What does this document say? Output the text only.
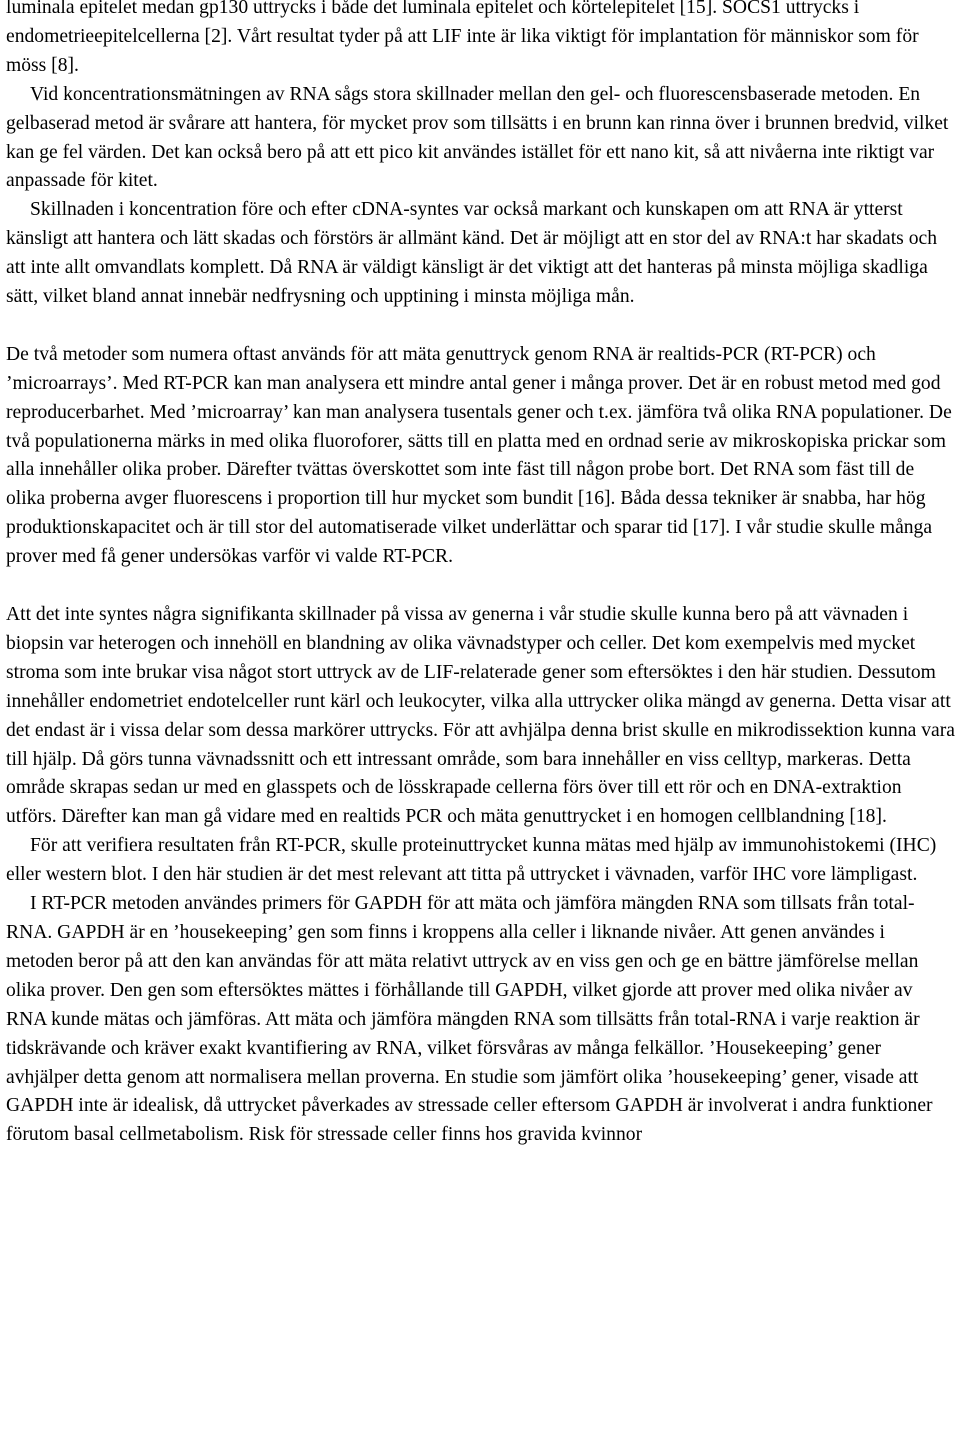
luminala epitelet medan gp130 uttrycks i både det luminala epitelet och körtelepitelet [15]. SOCS1 uttrycks i endometrieepitelcellerna [2]. Vårt resultat tyder på att LIF inte är lika viktigt för implantation för människor som för möss [8].

Vid koncentrationsmätningen av RNA sågs stora skillnader mellan den gel- och fluorescensbaserade metoden. En gelbaserad metod är svårare att hantera, för mycket prov som tillsätts i en brunn kan rinna över i brunnen bredvid, vilket kan ge fel värden. Det kan också bero på att ett pico kit användes istället för ett nano kit, så att nivåerna inte riktigt var anpassade för kitet.

Skillnaden i koncentration före och efter cDNA-syntes var också markant och kunskapen om att RNA är ytterst känsligt att hantera och lätt skadas och förstörs är allmänt känd. Det är möjligt att en stor del av RNA:t har skadats och att inte allt omvandlats komplett. Då RNA är väldigt känsligt är det viktigt att det hanteras på minsta möjliga skadliga sätt, vilket bland annat innebär nedfrysning och upptining i minsta möjliga mån.

De två metoder som numera oftast används för att mäta genuttryck genom RNA är realtids-PCR (RT-PCR) och ’microarrays’. Med RT-PCR kan man analysera ett mindre antal gener i många prover. Det är en robust metod med god reproducerbarhet. Med ’microarray’ kan man analysera tusentals gener och t.ex. jämföra två olika RNA populationer. De två populationerna märks in med olika fluoroforer, sätts till en platta med en ordnad serie av mikroskopiska prickar som alla innehåller olika prober. Därefter tvättas överskottet som inte fäst till någon probe bort. Det RNA som fäst till de olika proberna avger fluorescens i proportion till hur mycket som bundit [16]. Båda dessa tekniker är snabba, har hög produktionskapacitet och är till stor del automatiserade vilket underlättar och sparar tid [17]. I vår studie skulle många prover med få gener undersökas varför vi valde RT-PCR.

Att det inte syntes några signifikanta skillnader på vissa av generna i vår studie skulle kunna bero på att vävnaden i biopsin var heterogen och innehöll en blandning av olika vävnadstyper och celler. Det kom exempelvis med mycket stroma som inte brukar visa något stort uttryck av de LIF-relaterade gener som eftersöktes i den här studien. Dessutom innehåller endometriet endotelceller runt kärl och leukocyter, vilka alla uttrycker olika mängd av generna. Detta visar att det endast är i vissa delar som dessa markörer uttrycks. För att avhjälpa denna brist skulle en mikrodissektion kunna vara till hjälp. Då görs tunna vävnadssnitt och ett intressant område, som bara innehåller en viss celltyp, markeras. Detta område skrapas sedan ur med en glasspets och de lösskrapade cellerna förs över till ett rör och en DNA-extraktion utförs. Därefter kan man gå vidare med en realtids PCR och mäta genuttrycket i en homogen cellblandning [18].

För att verifiera resultaten från RT-PCR, skulle proteinuttrycket kunna mätas med hjälp av immunohistokemi (IHC) eller western blot. I den här studien är det mest relevant att titta på uttrycket i vävnaden, varför IHC vore lämpligast.

I RT-PCR metoden användes primers för GAPDH för att mäta och jämföra mängden RNA som tillsats från total-RNA. GAPDH är en ’housekeeping’ gen som finns i kroppens alla celler i liknande nivåer. Att genen användes i metoden beror på att den kan användas för att mäta relativt uttryck av en viss gen och ge en bättre jämförelse mellan olika prover. Den gen som eftersöktes mättes i förhållande till GAPDH, vilket gjorde att prover med olika nivåer av RNA kunde mätas och jämföras. Att mäta och jämföra mängden RNA som tillsätts från total-RNA i varje reaktion är tidskrävande och kräver exakt kvantifiering av RNA, vilket försvåras av många felkällor. ’Housekeeping’ gener avhjälper detta genom att normalisera mellan proverna. En studie som jämfört olika ’housekeeping’ gener, visade att GAPDH inte är idealisk, då uttrycket påverkades av stressade celler eftersom GAPDH är involverat i andra funktioner förutom basal cellmetabolism. Risk för stressade celler finns hos gravida kvinnor
